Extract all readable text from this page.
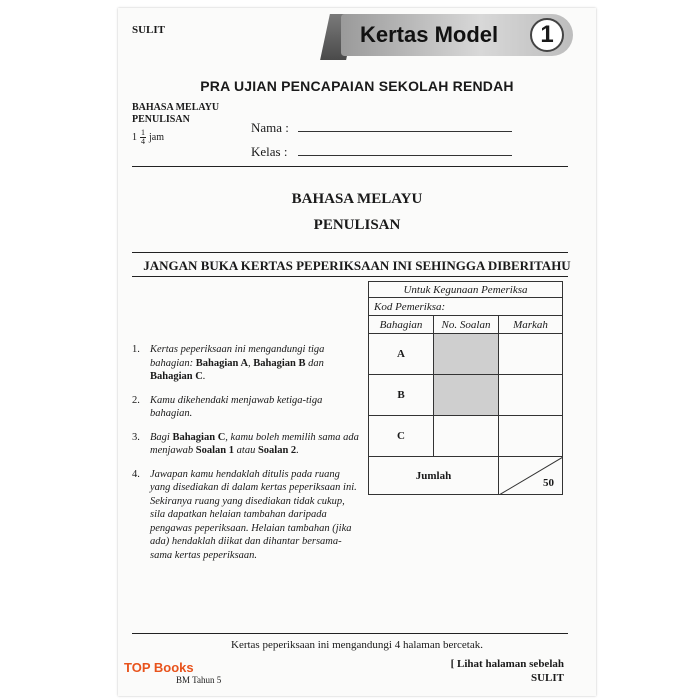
SULIT	Kertas Model	1
PRA UJIAN PENCAPAIAN SEKOLAH RENDAH
BAHASA MELAYU
PENULISAN
$1 \frac{1}{4}$ jam
Nama :
Kelas :
BAHASA MELAYU
PENULISAN
JANGAN BUKA KERTAS PEPERIKSAAN INI SEHINGGA DIBERITAHU
Untuk Kegunaan Pemeriksa		
Kod Pemeriksa:		
Bahagian	No. Soalan	Markah
A		
B		
C		
Jumlah		50
1. Kertas peperiksaan ini mengandungi tiga bahagian: Bahagian A, Bahagian B dan Bahagian C.
2. Kamu dikehendaki menjawab ketiga-tiga bahagian.
3. Bagi Bahagian C, kamu boleh memilih sama ada menjawab Soalan 1 atau Soalan 2.
4. Jawapan kamu hendaklah ditulis pada ruang yang disediakan di dalam kertas peperiksaan ini. Sekiranya ruang yang disediakan tidak cukup, sila dapatkan helaian tambahan daripada pengawas peperiksaan. Helaian tambahan (jika ada) hendaklah diikat dan dihantar bersama-sama kertas peperiksaan.
Kertas peperiksaan ini mengandungi 4 halaman bercetak.
[ Lihat halaman sebelah
SULIT
TOP Books
BM Tahun 5
